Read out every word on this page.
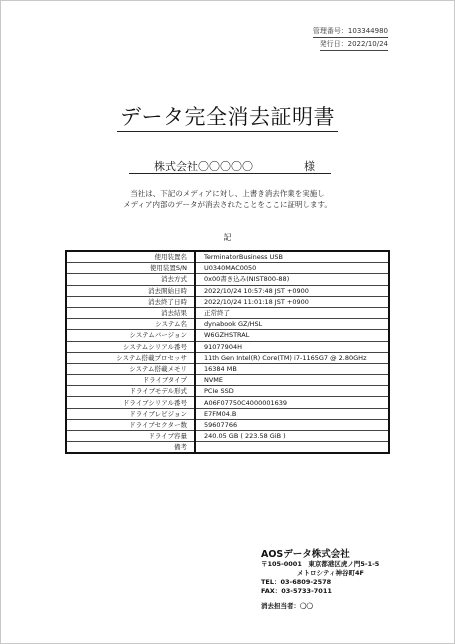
管理番号：103344980
発行日：2022/10/24
データ完全消去証明書
株式会社〇〇〇〇〇	様
当社は、下記のメディアに対し、上書き消去作業を実施し
メディア内部のデータが消去されたことをここに証明します。
記
使用装置名	TerminatorBusiness USB
使用装置S/N	U0340MAC0050
消去方式	0x00書き込み(NIST800-88)
消去開始日時	2022/10/24 10:57:48 JST +0900
消去終了日時	2022/10/24 11:01:18 JST +0900
消去結果	正常終了
システム名	dynabook GZ/HSL
システムバージョン	W6GZHSTRAL
システムシリアル番号	91077904H
システム搭載プロセッサ	11th Gen Intel(R) Core(TM) i7-1165G7 @ 2.80GHz
システム搭載メモリ	16384 MB
ドライブタイプ	NVME
ドライブモデル形式	PCIe SSD
ドライブシリアル番号	A06F07750C4000001639
ドライブレビジョン	E7FM04.B
ドライブセクター数	59607766
ドライブ容量	240.05 GB ( 223.58 GiB )
備考	
AOSデータ株式会社
〒105-0001　東京都港区虎ノ門5-1-5
メトロシティ神谷町4F
TEL：03-6809-2578
FAX：03-5733-7011
消去担当者：〇〇
